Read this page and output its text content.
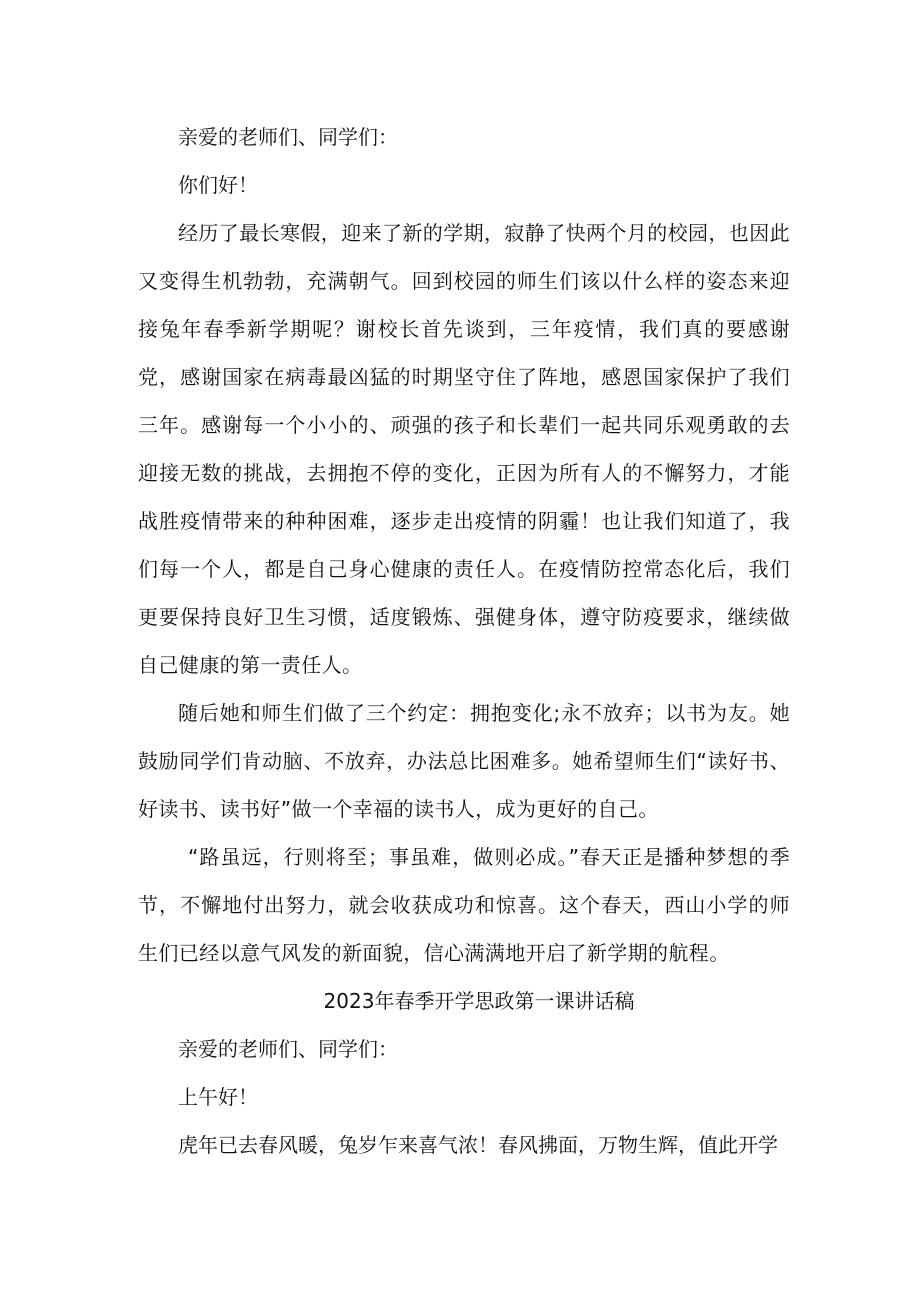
亲爱的老师们、同学们：

你们好！

经历了最长寒假，迎来了新的学期，寂静了快两个月的校园，也因此又变得生机勃勃，充满朝气。回到校园的师生们该以什么样的姿态来迎接兔年春季新学期呢？谢校长首先谈到，三年疫情，我们真的要感谢党，感谢国家在病毒最凶猛的时期坚守住了阵地，感恩国家保护了我们三年。感谢每一个小小的、顽强的孩子和长辈们一起共同乐观勇敢的去迎接无数的挑战，去拥抱不停的变化，正因为所有人的不懈努力，才能战胜疫情带来的种种困难，逐步走出疫情的阴霾！也让我们知道了，我们每一个人，都是自己身心健康的责任人。在疫情防控常态化后，我们更要保持良好卫生习惯，适度锻炼、强健身体，遵守防疫要求，继续做自己健康的第一责任人。

随后她和师生们做了三个约定：拥抱变化;永不放弃；以书为友。她鼓励同学们肯动脑、不放弃，办法总比困难多。她希望师生们“读好书、好读书、读书好”做一个幸福的读书人，成为更好的自己。

“路虽远，行则将至；事虽难，做则必成。”春天正是播种梦想的季节，不懈地付出努力，就会收获成功和惊喜。这个春天，西山小学的师生们已经以意气风发的新面貌，信心满满地开启了新学期的航程。

2023年春季开学思政第一课讲话稿

亲爱的老师们、同学们：

上午好！

虎年已去春风暖，兔岁乍来喜气浓！春风拂面，万物生辉，值此开学
